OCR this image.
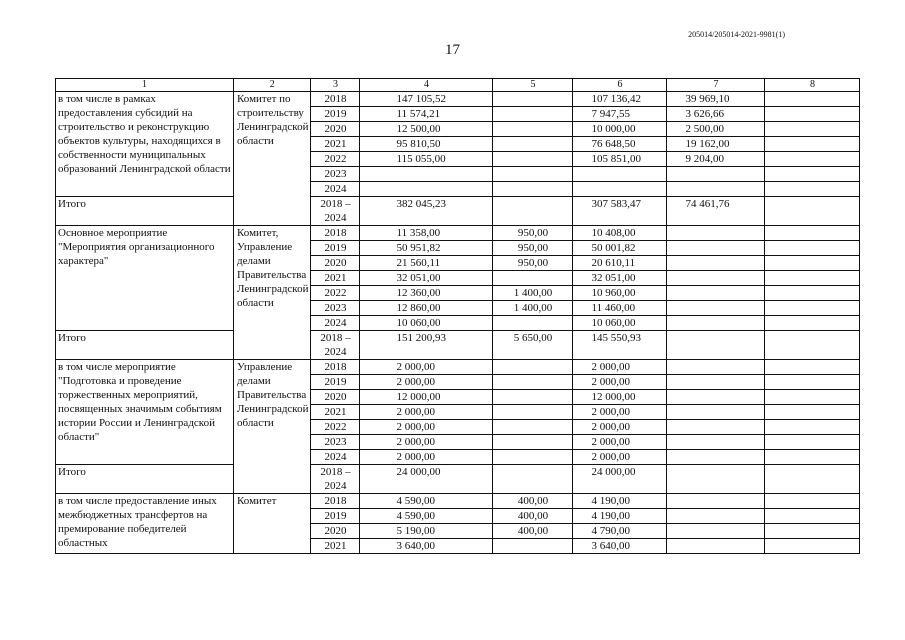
205014/205014-2021-9981(1)
17
1	2	3	4	5	6	7	8
в том числе в рамках предоставления субсидий на строительство и реконструкцию объектов культуры, находящихся в собственности муниципальных образований Ленинградской области	Комитет по строительству Ленинградской области	2018	147 105,52		107 136,42	39 969,10	
		2019	11 574,21		7 947,55	3 626,66	
		2020	12 500,00		10 000,00	2 500,00	
		2021	95 810,50		76 648,50	19 162,00	
		2022	115 055,00		105 851,00	9 204,00	
		2023					
		2024					
Итого		2018 – 2024	382 045,23		307 583,47	74 461,76	
Основное мероприятие "Мероприятия организационного характера"	Комитет, Управление делами Правительства Ленинградской области	2018	11 358,00	950,00	10 408,00		
		2019	50 951,82	950,00	50 001,82		
		2020	21 560,11	950,00	20 610,11		
		2021	32 051,00		32 051,00		
		2022	12 360,00	1 400,00	10 960,00		
		2023	12 860,00	1 400,00	11 460,00		
		2024	10 060,00		10 060,00		
Итого		2018 – 2024	151 200,93	5 650,00	145 550,93		
в том числе мероприятие "Подготовка и проведение торжественных мероприятий, посвященных значимым событиям истории России и Ленинградской области"	Управление делами Правительства Ленинградской области	2018	2 000,00		2 000,00		
		2019	2 000,00		2 000,00		
		2020	12 000,00		12 000,00		
		2021	2 000,00		2 000,00		
		2022	2 000,00		2 000,00		
		2023	2 000,00		2 000,00		
		2024	2 000,00		2 000,00		
Итого		2018 – 2024	24 000,00		24 000,00		
в том числе предоставление иных межбюджетных трансфертов на премирование победителей областных	Комитет	2018	4 590,00	400,00	4 190,00		
		2019	4 590,00	400,00	4 190,00		
		2020	5 190,00	400,00	4 790,00		
		2021	3 640,00		3 640,00		
